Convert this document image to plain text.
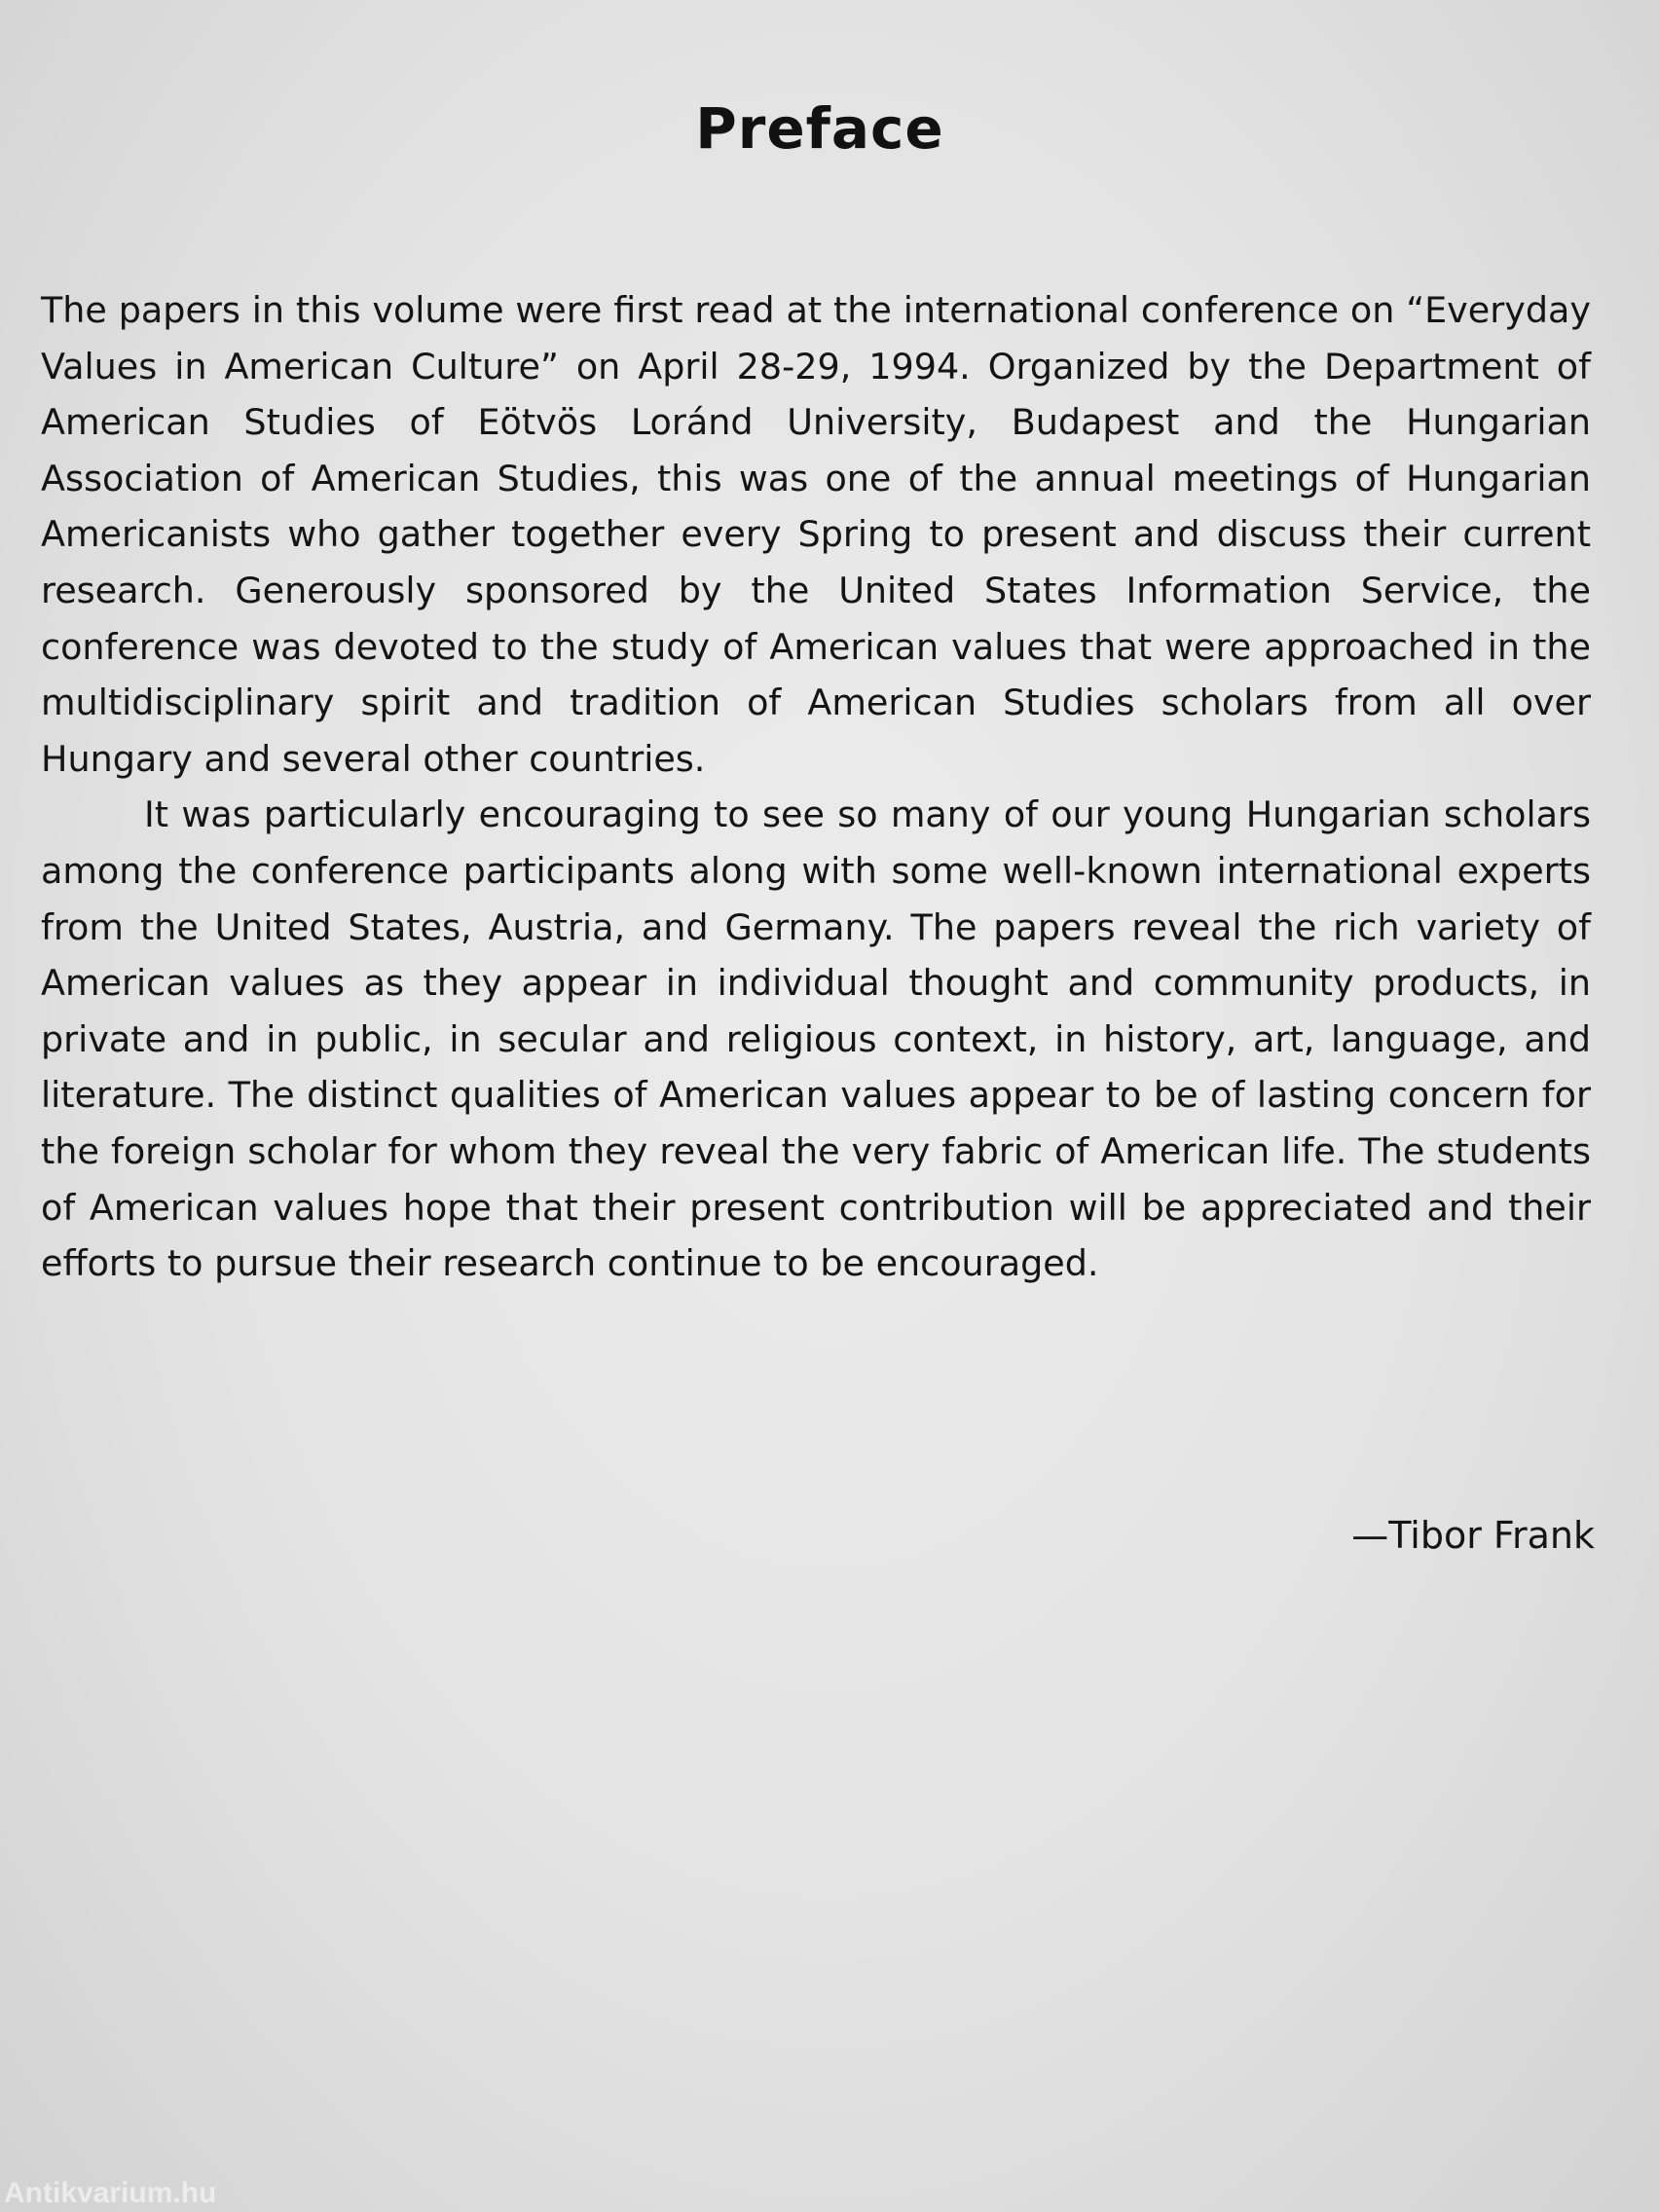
Preface

The papers in this volume were first read at the international conference on “Everyday Values in American Culture” on April 28-29, 1994. Organized by the Department of American Studies of Eötvös Loránd University, Budapest and the Hungarian Association of American Studies, this was one of the annual meetings of Hungarian Americanists who gather together every Spring to present and discuss their current research. Generously sponsored by the United States Information Service, the conference was devoted to the study of American values that were approached in the multidisciplinary spirit and tradition of American Studies scholars from all over Hungary and several other countries.

It was particularly encouraging to see so many of our young Hungarian scholars among the conference participants along with some well-known international experts from the United States, Austria, and Germany. The papers reveal the rich variety of American values as they appear in individual thought and community products, in private and in public, in secular and religious context, in history, art, language, and literature. The distinct qualities of American values appear to be of lasting concern for the foreign scholar for whom they reveal the very fabric of American life. The students of American values hope that their present contribution will be appreciated and their efforts to pursue their research continue to be encouraged.

—Tibor Frank
Antikvarium.hu
